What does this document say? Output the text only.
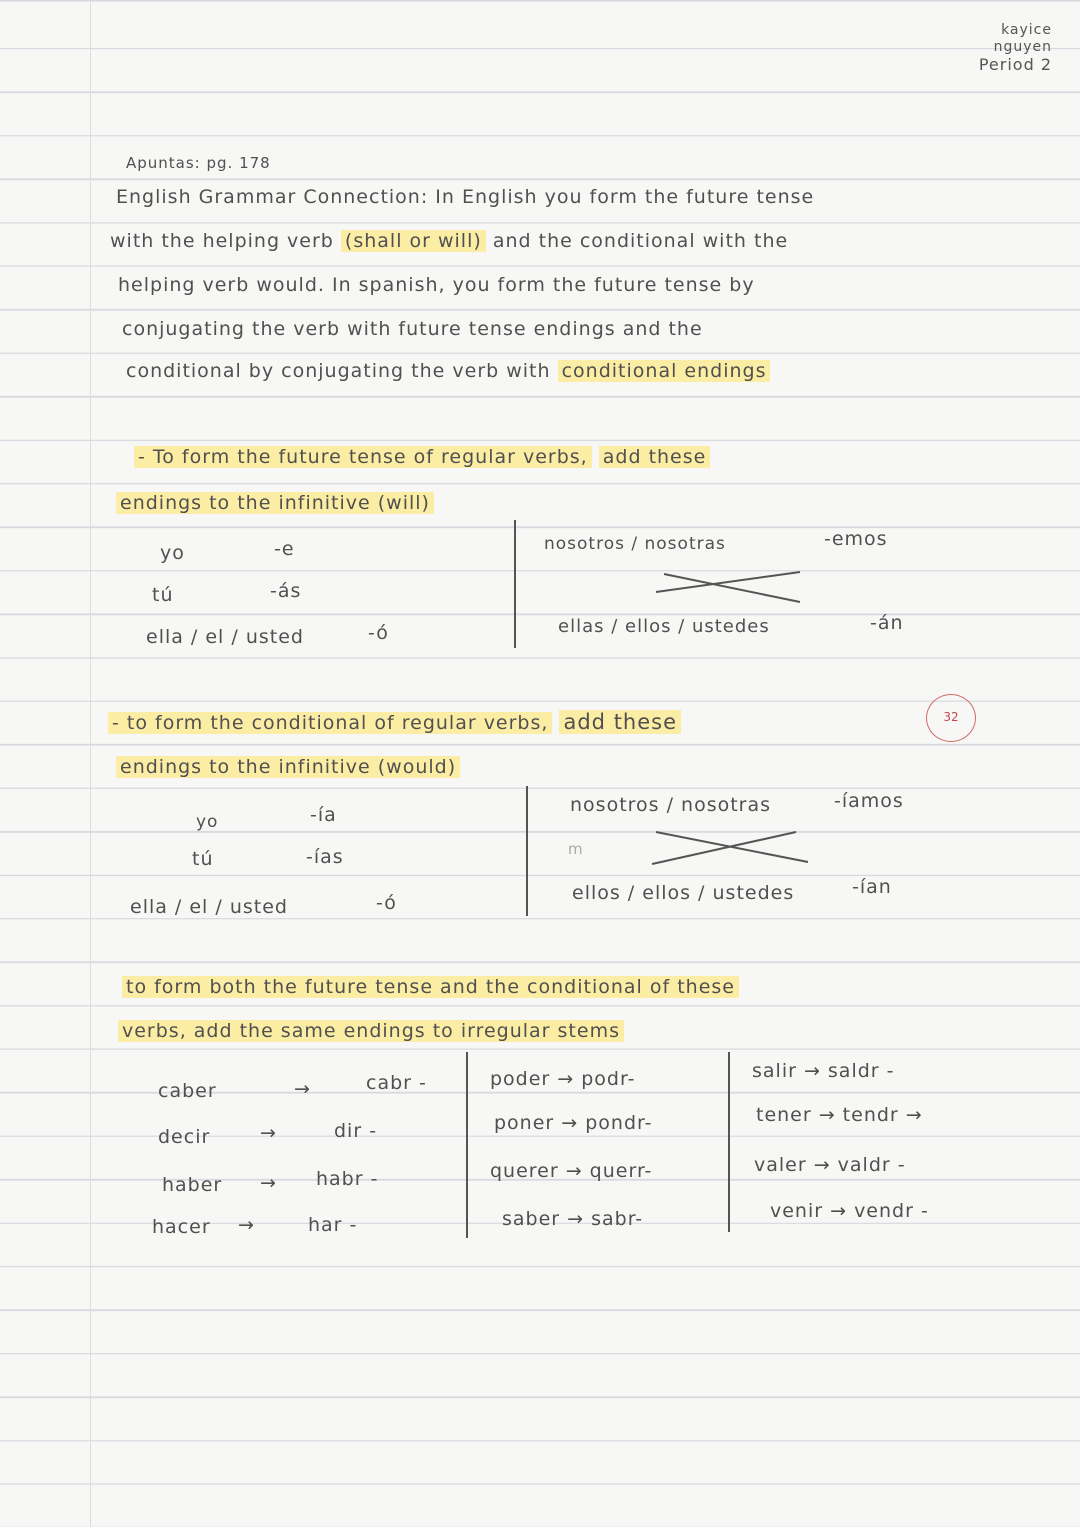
kayice
nguyen
Period 2
Apuntas: pg. 178
English Grammar Connection: In English you form the future tense
with the helping verb (shall or will) and the conditional with the
helping verb would. In spanish, you form the future tense by
conjugating the verb with future tense endings and the
conditional by conjugating the verb with conditional endings
- To form the future tense of regular verbs, add these
endings to the infinitive (will)
yo	-e
tú	-ás
ella / el / usted	-ó
nosotros / nosotras	-emos
ellas / ellos / ustedes	-án
32
- to form the conditional of regular verbs, add these
endings to the infinitive (would)
yo	-ía
tú	-ías
ella / el / usted	-ó
nosotros / nosotras	-íamos
m
ellos / ellos / ustedes	-ían
to form both the future tense and the conditional of these
verbs, add the same endings to irregular stems
caber	→	cabr -
decir	→	dir -
haber → habr -
hacer →	har -
poder → podr-
poner → pondr-
querer → querr-
saber → sabr-
salir → saldr -
tener → tendr →
valer → valdr -
venir → vendr -
